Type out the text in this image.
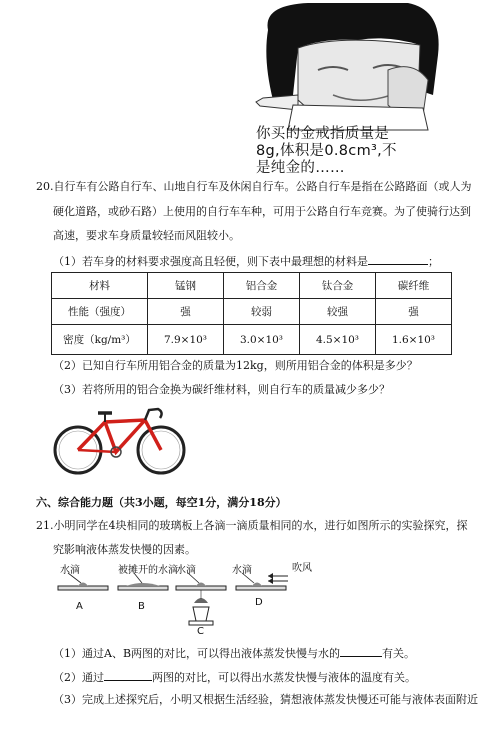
你买的金戒指质量是
8g,体积是0.8cm³,不
是纯金的……
20.自行车有公路自行车、山地自行车及休闲自行车。公路自行车是指在公路路面（或人为
硬化道路，或砂石路）上使用的自行车车种，可用于公路自行车竞赛。为了使骑行达到
高速，要求车身质量较轻而风阻较小。
（1）若车身的材料要求强度高且轻便，则下表中最理想的材料是	；
材料	锰钢	铝合金	钛合金	碳纤维
性能（强度）	强	较弱	较强	强
密度（kg/m³）	7.9×10³	3.0×10³	4.5×10³	1.6×10³
（2）已知自行车所用铝合金的质量为12kg，则所用铝合金的体积是多少？
（3）若将所用的铝合金换为碳纤维材料，则自行车的质量减少多少？
六、综合能力题（共3小题，每空1分，满分18分）
21.小明同学在4块相同的玻璃板上各滴一滴质量相同的水，进行如图所示的实验探究，探
究影响液体蒸发快慢的因素。
水滴	被摊开的水滴
水滴	水滴	吹风
A	B
C
D
（1）通过A、B两图的对比，可以得出液体蒸发快慢与水的	有关。
（2）通过	两图的对比，可以得出水蒸发快慢与液体的温度有关。
（3）完成上述探究后，小明又根据生活经验，猜想液体蒸发快慢还可能与液体表面附近
